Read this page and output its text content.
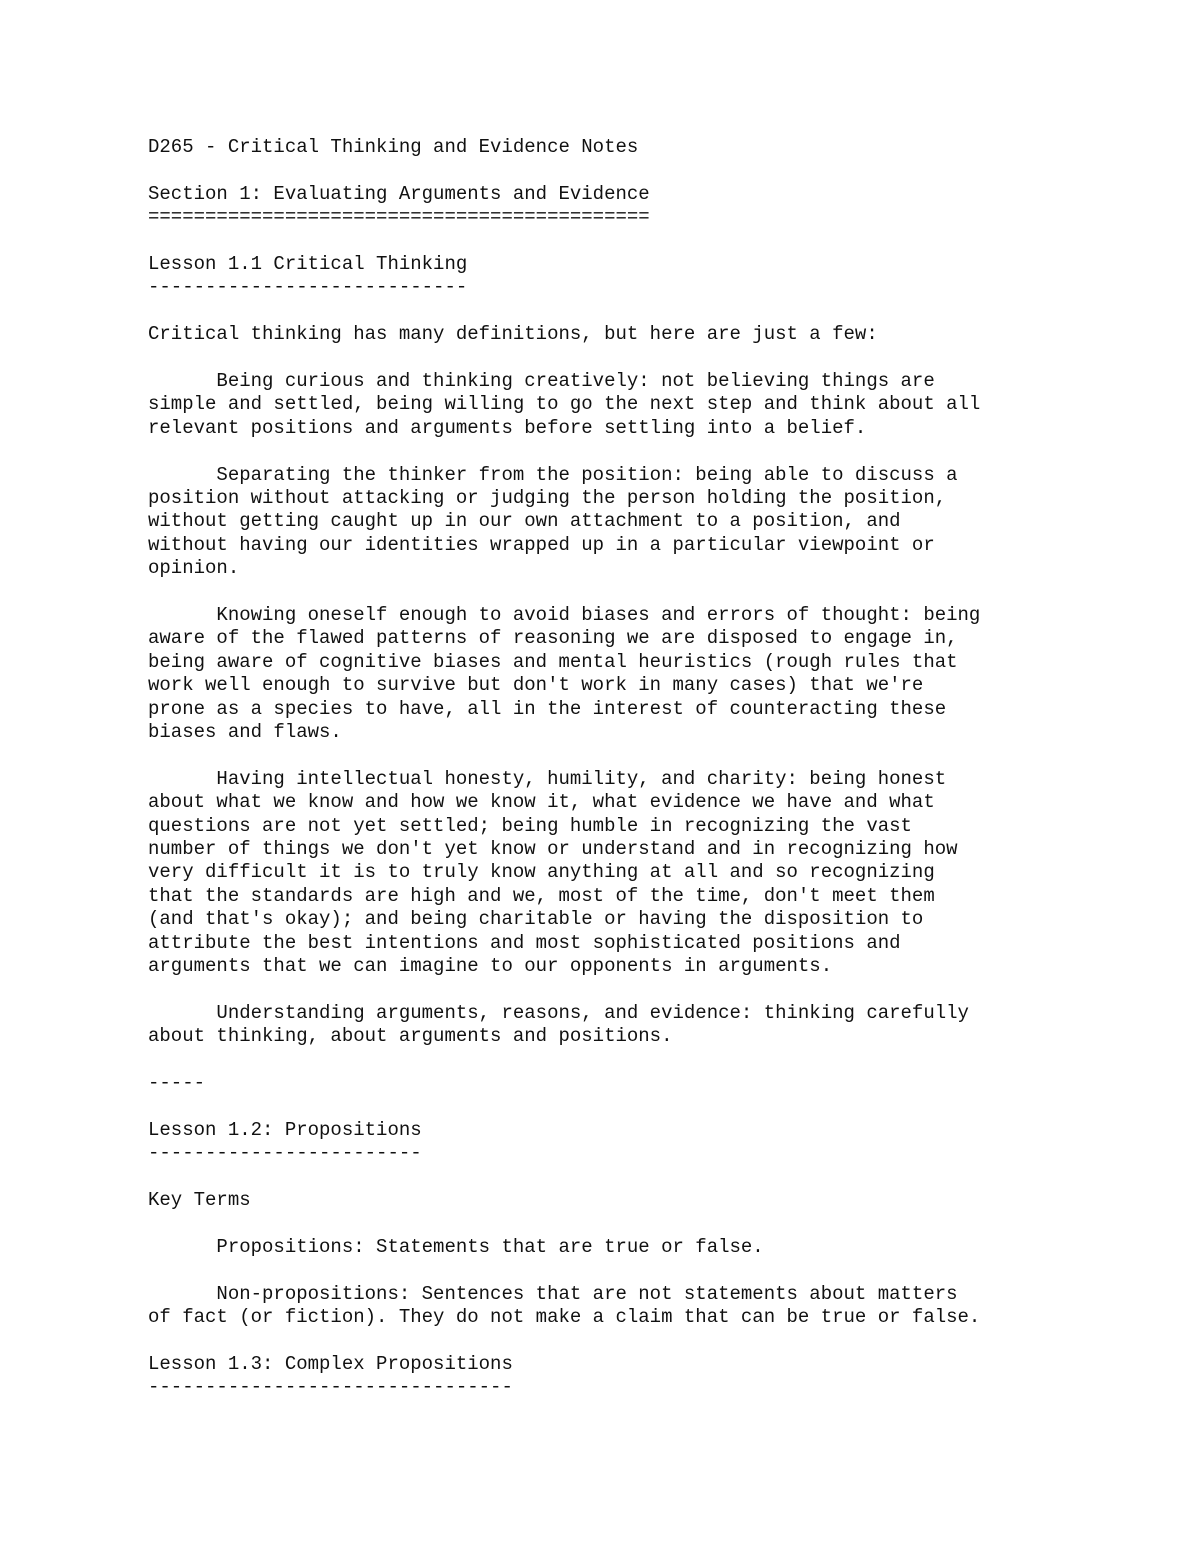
D265 - Critical Thinking and Evidence Notes
Section 1: Evaluating Arguments and Evidence
============================================
Lesson 1.1 Critical Thinking
----------------------------
Critical thinking has many definitions, but here are just a few:
Being curious and thinking creatively: not believing things are
simple and settled, being willing to go the next step and think about all
relevant positions and arguments before settling into a belief.
Separating the thinker from the position: being able to discuss a
position without attacking or judging the person holding the position,
without getting caught up in our own attachment to a position, and
without having our identities wrapped up in a particular viewpoint or
opinion.
Knowing oneself enough to avoid biases and errors of thought: being
aware of the flawed patterns of reasoning we are disposed to engage in,
being aware of cognitive biases and mental heuristics (rough rules that
work well enough to survive but don't work in many cases) that we're
prone as a species to have, all in the interest of counteracting these
biases and flaws.
Having intellectual honesty, humility, and charity: being honest
about what we know and how we know it, what evidence we have and what
questions are not yet settled; being humble in recognizing the vast
number of things we don't yet know or understand and in recognizing how
very difficult it is to truly know anything at all and so recognizing
that the standards are high and we, most of the time, don't meet them
(and that's okay); and being charitable or having the disposition to
attribute the best intentions and most sophisticated positions and
arguments that we can imagine to our opponents in arguments.
Understanding arguments, reasons, and evidence: thinking carefully
about thinking, about arguments and positions.
-----
Lesson 1.2: Propositions
------------------------
Key Terms
Propositions: Statements that are true or false.
Non-propositions: Sentences that are not statements about matters
of fact (or fiction). They do not make a claim that can be true or false.
Lesson 1.3: Complex Propositions
--------------------------------
